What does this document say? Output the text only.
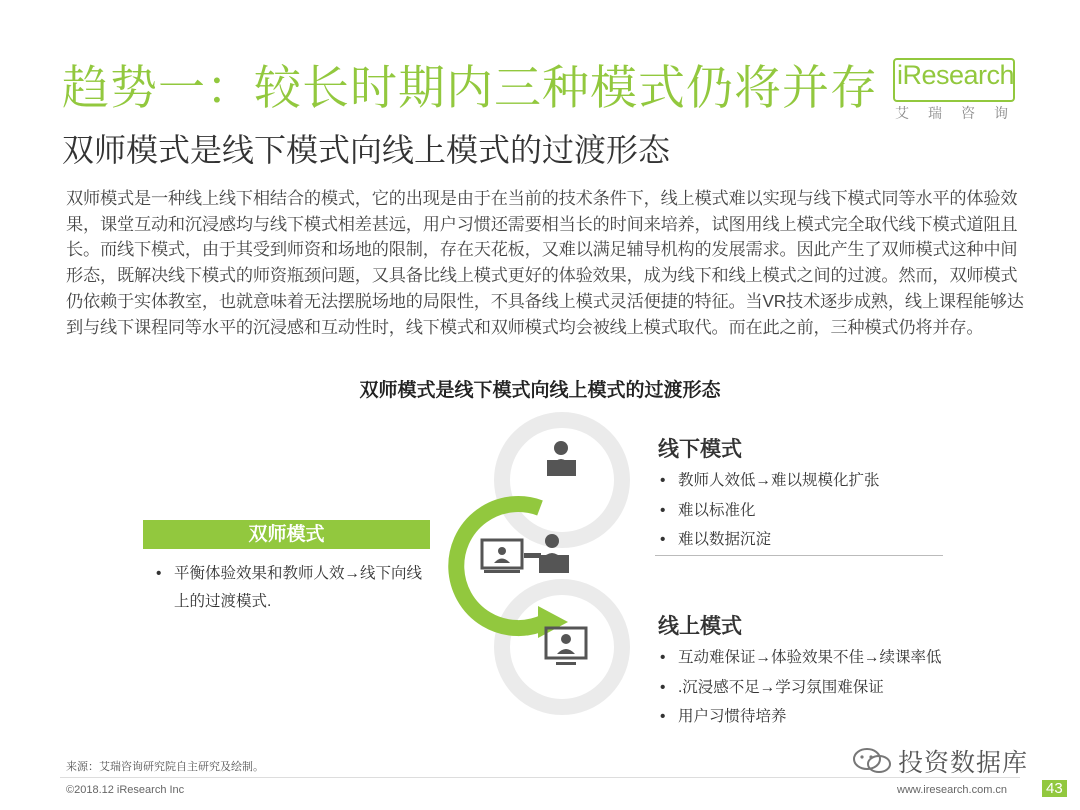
趋势一：较长时期内三种模式仍将并存
双师模式是线下模式向线上模式的过渡形态
iResearch
艾瑞咨询
双师模式是一种线上线下相结合的模式，它的出现是由于在当前的技术条件下，线上模式难以实现与线下模式同等水平的体验效果，课堂互动和沉浸感均与线下模式相差甚远，用户习惯还需要相当长的时间来培养，试图用线上模式完全取代线下模式道阻且长。而线下模式，由于其受到师资和场地的限制，存在天花板，又难以满足辅导机构的发展需求。因此产生了双师模式这种中间形态，既解决线下模式的师资瓶颈问题，又具备比线上模式更好的体验效果，成为线下和线上模式之间的过渡。然而，双师模式仍依赖于实体教室，也就意味着无法摆脱场地的局限性，不具备线上模式灵活便捷的特征。当VR技术逐步成熟，线上课程能够达到与线下课程同等水平的沉浸感和互动性时，线下模式和双师模式均会被线上模式取代。而在此之前，三种模式仍将并存。
双师模式是线下模式向线上模式的过渡形态
双师模式
• 平衡体验效果和教师人效→线下向线上的过渡模式.
线下模式
• 教师人效低→难以规模化扩张
• 难以标准化
• 难以数据沉淀
线上模式
• 互动难保证→体验效果不佳→续课率低
• .沉浸感不足→学习氛围难保证
• 用户习惯待培养
来源：艾瑞咨询研究院自主研究及绘制。
©2018.12 iResearch Inc	www.iresearch.com.cn	43
投资数据库
